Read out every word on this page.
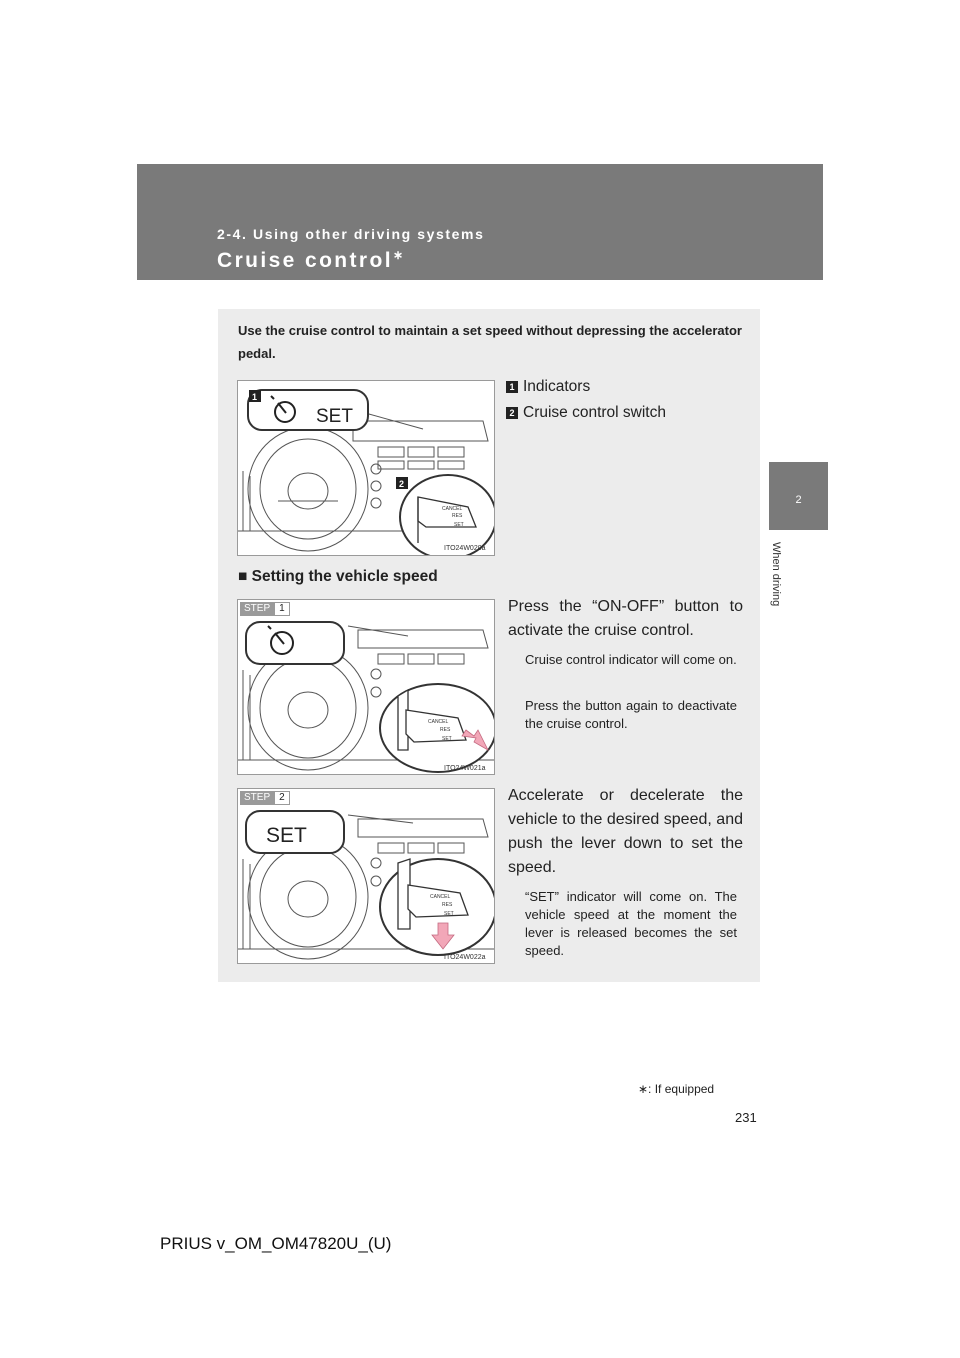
2-4. Using other driving systems
Cruise control∗
2
When driving
Use the cruise control to maintain a set speed without depressing the accelerator pedal.
SET
1
2
CANCEL
RES
SET
ITO24W020a
1 Indicators
2 Cruise control switch
■ Setting the vehicle speed
CANCEL
RES
SET
ITO24W021a
STEP 1	Press the “ON-OFF” button to activate the cruise control.
Cruise control indicator will come on.
Press the button again to deactivate the cruise control.
SET
CANCEL
RES
SET
ITO24W022a
STEP 2	Accelerate or decelerate the vehicle to the desired speed, and push the lever down to set the speed.
“SET” indicator will come on. The vehicle speed at the moment the lever is released becomes the set speed.
∗: If equipped
231
PRIUS v_OM_OM47820U_(U)
